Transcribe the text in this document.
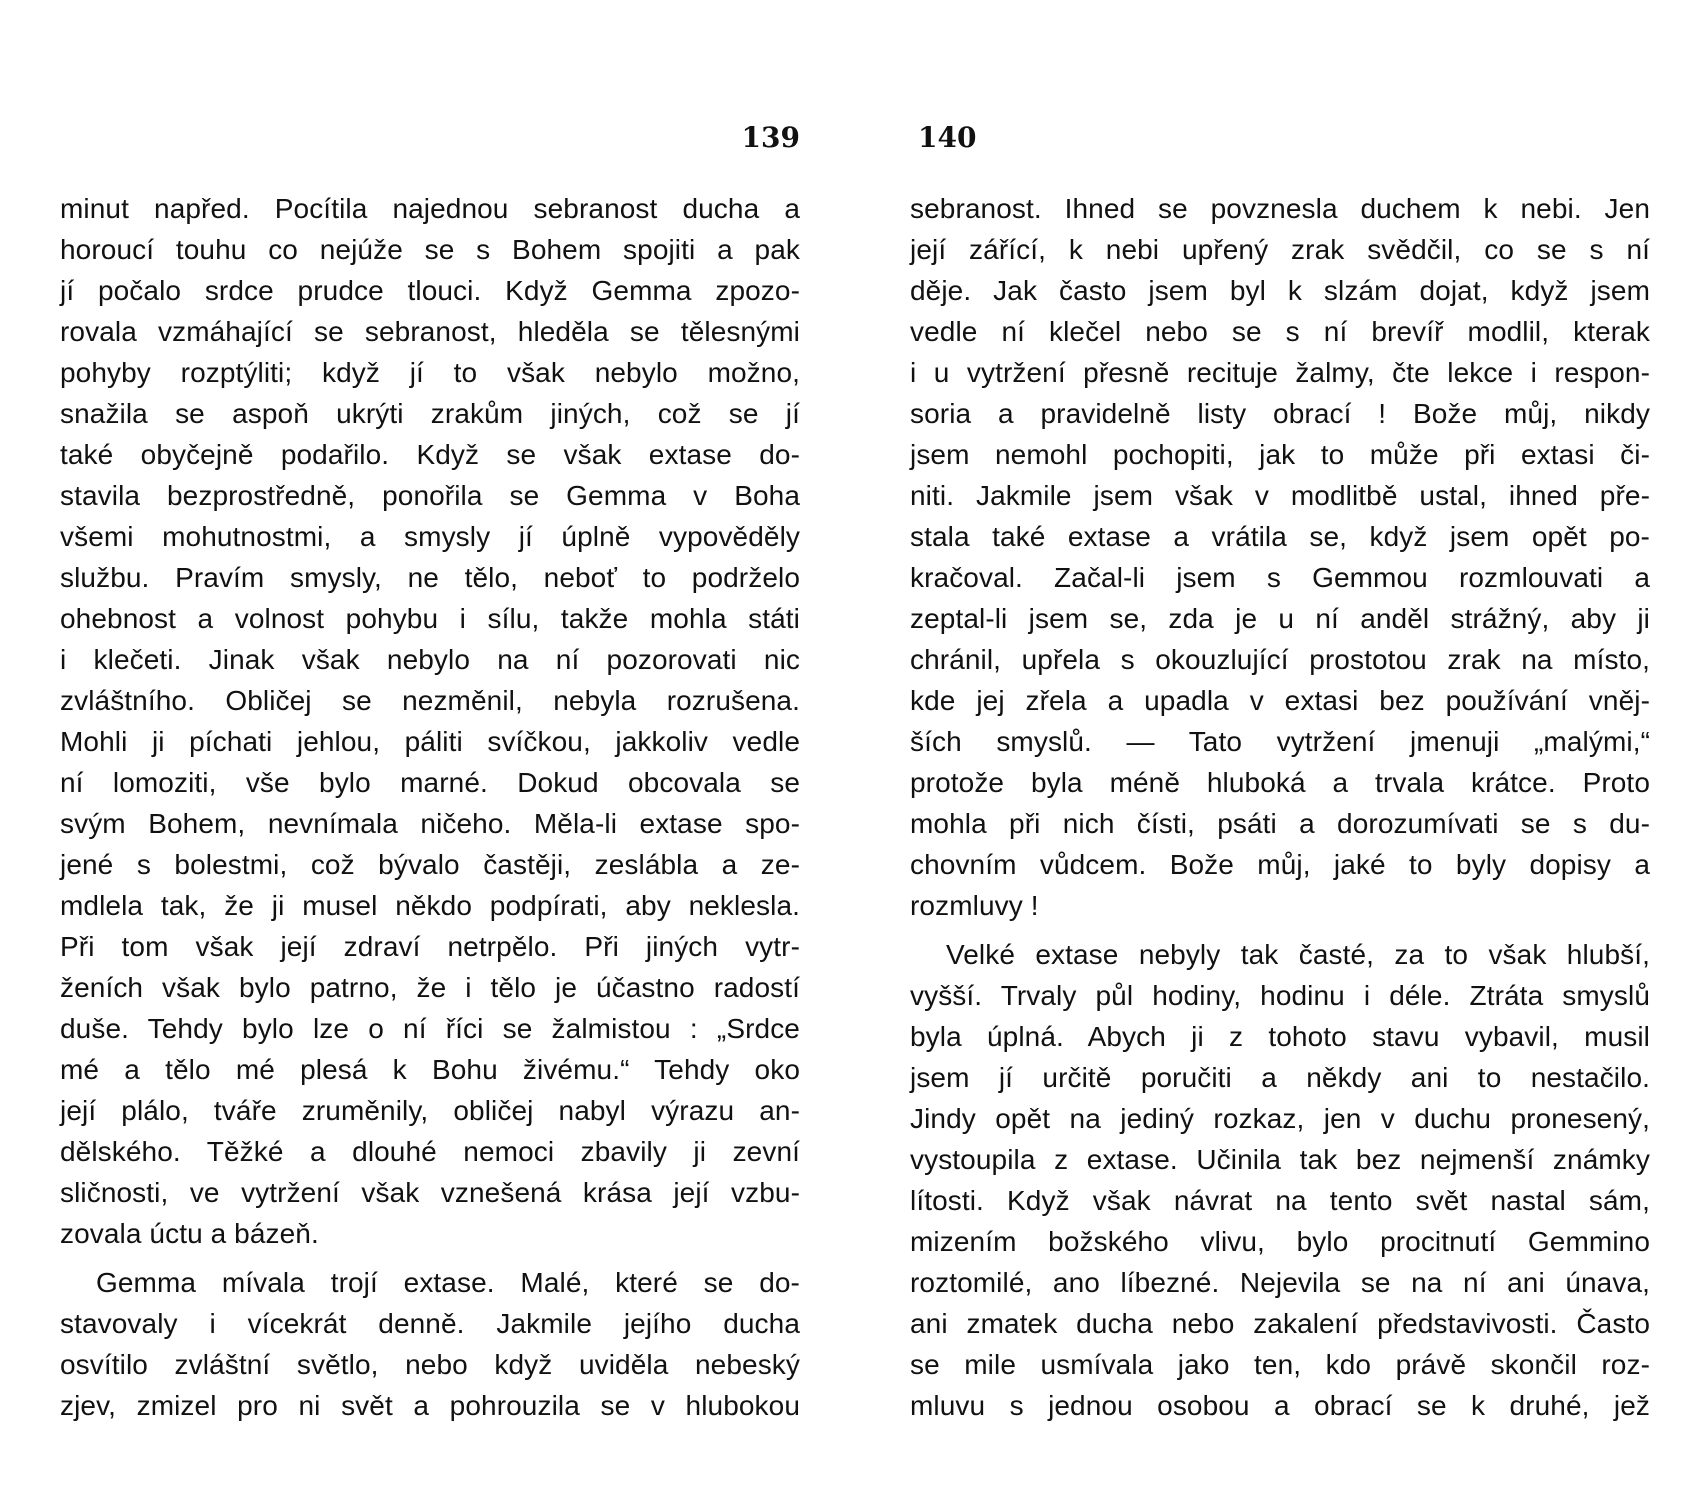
139
minut napřed. Pocítila najednou sebranost ducha a
horoucí touhu co nejúže se s Bohem spojiti a pak
jí počalo srdce prudce tlouci. Když Gemma zpozo-
rovala vzmáhající se sebranost, hleděla se tělesnými
pohyby rozptýliti; když jí to však nebylo možno,
snažila se aspoň ukrýti zrakům jiných, což se jí
také obyčejně podařilo. Když se však extase do-
stavila bezprostředně, ponořila se Gemma v Boha
všemi mohutnostmi, a smysly jí úplně vypověděly
službu. Pravím smysly, ne tělo, neboť to podrželo
ohebnost a volnost pohybu i sílu, takže mohla státi
i klečeti. Jinak však nebylo na ní pozorovati nic
zvláštního. Obličej se nezměnil, nebyla rozrušena.
Mohli ji píchati jehlou, páliti svíčkou, jakkoliv vedle
ní lomoziti, vše bylo marné. Dokud obcovala se
svým Bohem, nevnímala ničeho. Měla-li extase spo-
jené s bolestmi, což bývalo častěji, zeslábla a ze-
mdlela tak, že ji musel někdo podpírati, aby neklesla.
Při tom však její zdraví netrpělo. Při jiných vytr-
ženích však bylo patrno, že i tělo je účastno radostí
duše. Tehdy bylo lze o ní říci se žalmistou : „Srdce
mé a tělo mé plesá k Bohu živému.“ Tehdy oko
její plálo, tváře zruměnily, obličej nabyl výrazu an-
dělského. Těžké a dlouhé nemoci zbavily ji zevní
sličnosti, ve vytržení však vznešená krása její vzbu-
zovala úctu a bázeň.
Gemma mívala trojí extase. Malé, které se do-
stavovaly i vícekrát denně. Jakmile jejího ducha
osvítilo zvláštní světlo, nebo když uviděla nebeský
zjev, zmizel pro ni svět a pohrouzila se v hlubokou
140
sebranost. Ihned se povznesla duchem k nebi. Jen
její zářící, k nebi upřený zrak svědčil, co se s ní
děje. Jak často jsem byl k slzám dojat, když jsem
vedle ní klečel nebo se s ní brevíř modlil, kterak
i u vytržení přesně recituje žalmy, čte lekce i respon-
soria a pravidelně listy obrací ! Bože můj, nikdy
jsem nemohl pochopiti, jak to může při extasi či-
niti. Jakmile jsem však v modlitbě ustal, ihned pře-
stala také extase a vrátila se, když jsem opět po-
kračoval. Začal-li jsem s Gemmou rozmlouvati a
zeptal-li jsem se, zda je u ní anděl strážný, aby ji
chránil, upřela s okouzlující prostotou zrak na místo,
kde jej zřela a upadla v extasi bez používání vněj-
ších smyslů. — Tato vytržení jmenuji „malými,“
protože byla méně hluboká a trvala krátce. Proto
mohla při nich čísti, psáti a dorozumívati se s du-
chovním vůdcem. Bože můj, jaké to byly dopisy a
rozmluvy !
Velké extase nebyly tak časté, za to však hlubší,
vyšší. Trvaly půl hodiny, hodinu i déle. Ztráta smyslů
byla úplná. Abych ji z tohoto stavu vybavil, musil
jsem jí určitě poručiti a někdy ani to nestačilo.
Jindy opět na jediný rozkaz, jen v duchu pronesený,
vystoupila z extase. Učinila tak bez nejmenší známky
lítosti. Když však návrat na tento svět nastal sám,
mizením božského vlivu, bylo procitnutí Gemmino
roztomilé, ano líbezné. Nejevila se na ní ani únava,
ani zmatek ducha nebo zakalení představivosti. Často
se mile usmívala jako ten, kdo právě skončil roz-
mluvu s jednou osobou a obrací se k druhé, jež
